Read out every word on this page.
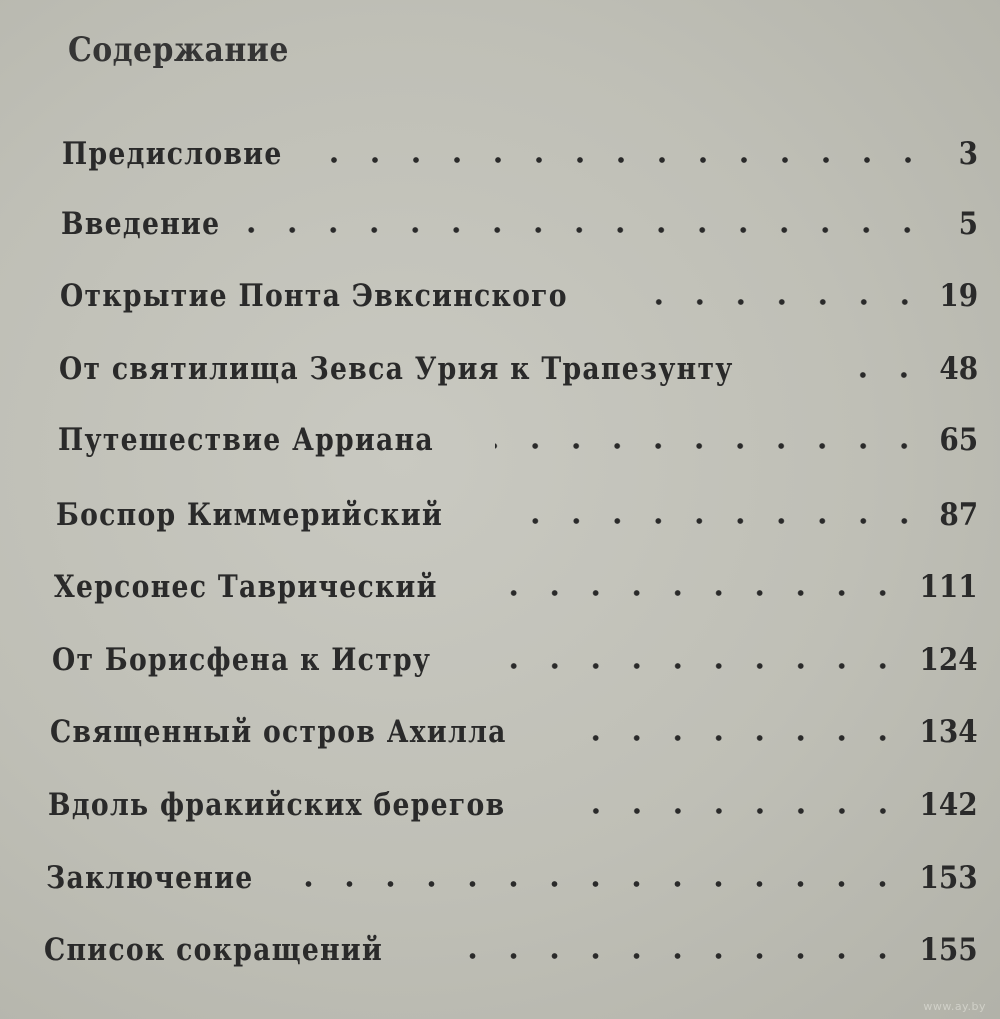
Содержание
Предисловие	3
Введение	5
Открытие Понта Эвксинского	19
От святилища Зевса Урия к Трапезунту	48
Путешествие Арриана	65
Боспор Киммерийский	87
Херсонес Таврический	111
От Борисфена к Истру	124
Священный остров Ахилла	134
Вдоль фракийских берегов	142
Заключение	153
Список сокращений	155
www.ay.by
